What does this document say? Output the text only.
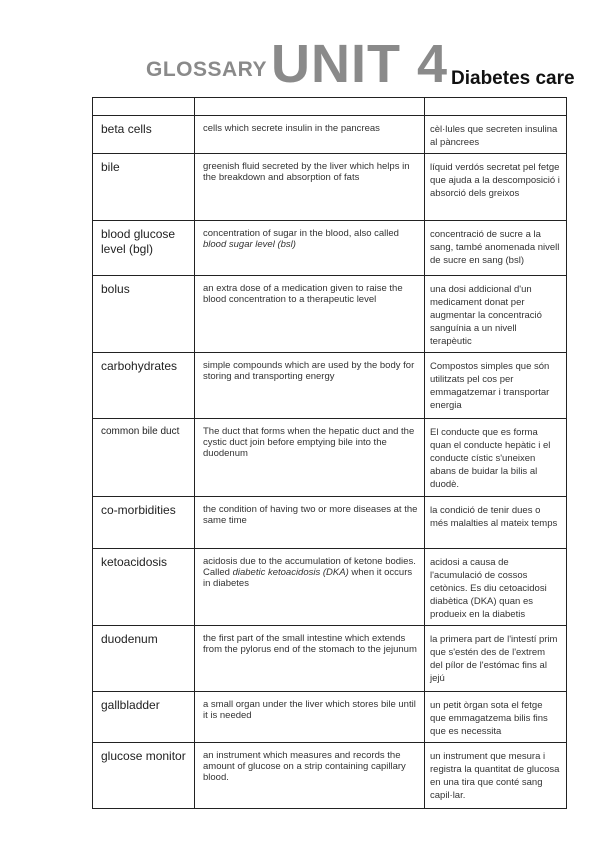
GLOSSARY UNIT 4 Diabetes care

beta cells	cells which secrete insulin in the pancreas	cèl·lules que secreten insulina al pàncrees
bile	greenish fluid secreted by the liver which helps in the breakdown and absorption of fats	líquid verdós secretat pel fetge que ajuda a la descomposició i absorció dels greixos
blood glucose level (bgl)	concentration of sugar in the blood, also called blood sugar level (bsl)	concentració de sucre a la sang, també anomenada nivell de sucre en sang (bsl)
bolus	an extra dose of a medication given to raise the blood concentration to a therapeutic level	una dosi addicional d'un medicament donat per augmentar la concentració sanguínia a un nivell terapèutic
carbohydrates	simple compounds which are used by the body for storing and transporting energy	Compostos simples que són utilitzats pel cos per emmagatzemar i transportar energia
common bile duct	The duct that forms when the hepatic duct and the cystic duct join before emptying bile into the duodenum	El conducte que es forma quan el conducte hepàtic i el conducte cístic s'uneixen abans de buidar la bilis al duodè.
co-morbidities	the condition of having two or more diseases at the same time	la condició de tenir dues o més malalties al mateix temps
ketoacidosis	acidosis due to the accumulation of ketone bodies. Called diabetic ketoacidosis (DKA) when it occurs in diabetes	acidosi a causa de l'acumulació de cossos cetònics. Es diu cetoacidosi diabètica (DKA) quan es produeix en la diabetis
duodenum	the first part of the small intestine which extends from the pylorus end of the stomach to the jejunum	la primera part de l'intestí prim que s'estén des de l'extrem del pílor de l'estómac fins al jejú
gallbladder	a small organ under the liver which stores bile until it is needed	un petit òrgan sota el fetge que emmagatzema bilis fins que es necessita
glucose monitor	an instrument which measures and records the amount of glucose on a strip containing capillary blood.	un instrument que mesura i registra la quantitat de glucosa en una tira que conté sang capil·lar.
